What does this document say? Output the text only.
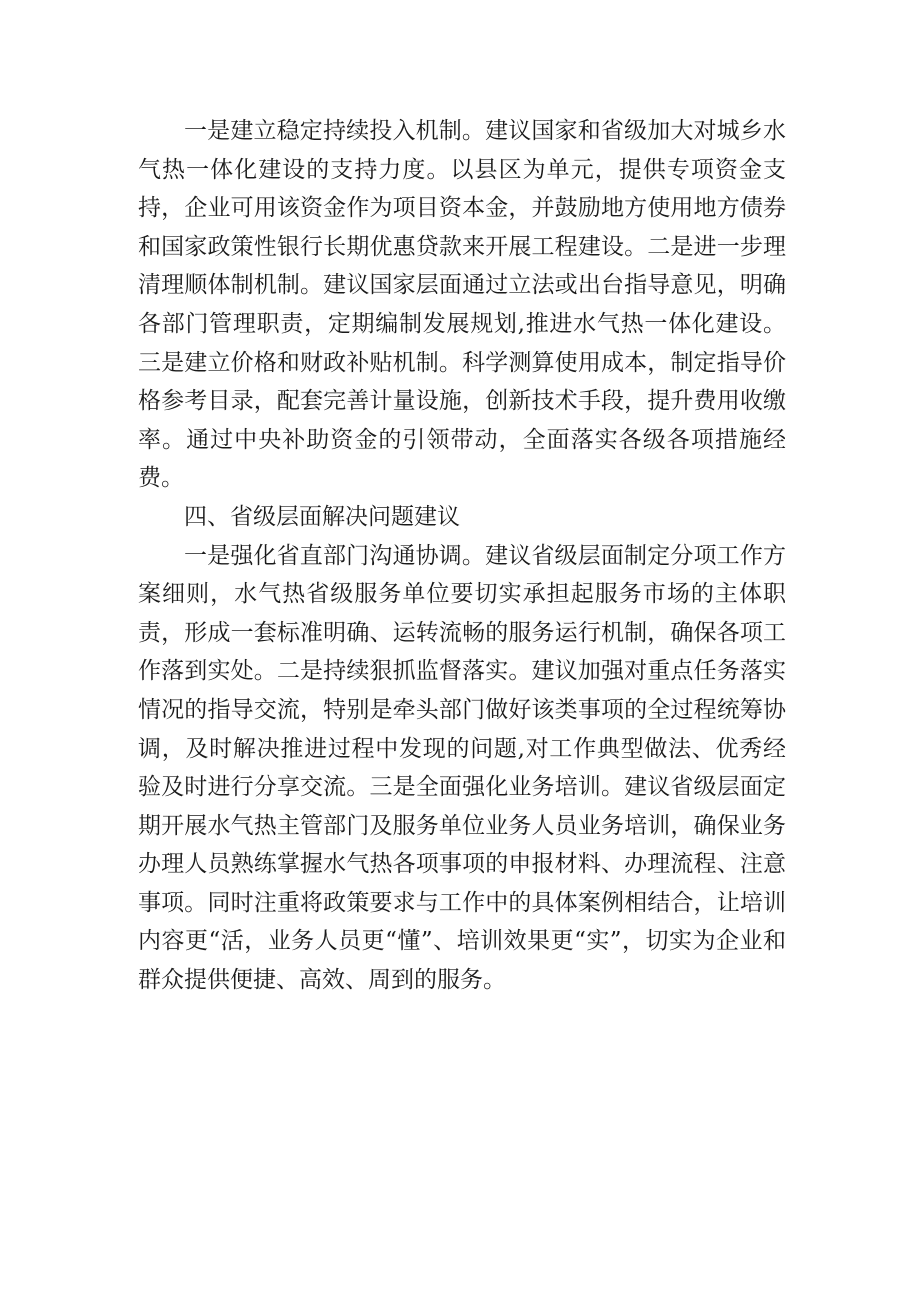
一是建立稳定持续投入机制。建议国家和省级加大对城乡水气热一体化建设的支持力度。以县区为单元，提供专项资金支持，企业可用该资金作为项目资本金，并鼓励地方使用地方债券和国家政策性银行长期优惠贷款来开展工程建设。二是进一步理清理顺体制机制。建议国家层面通过立法或出台指导意见，明确各部门管理职责，定期编制发展规划,推进水气热一体化建设。三是建立价格和财政补贴机制。科学测算使用成本，制定指导价格参考目录，配套完善计量设施，创新技术手段，提升费用收缴率。通过中央补助资金的引领带动，全面落实各级各项措施经费。

四、省级层面解决问题建议

一是强化省直部门沟通协调。建议省级层面制定分项工作方案细则，水气热省级服务单位要切实承担起服务市场的主体职责，形成一套标准明确、运转流畅的服务运行机制，确保各项工作落到实处。二是持续狠抓监督落实。建议加强对重点任务落实情况的指导交流，特别是牵头部门做好该类事项的全过程统筹协调，及时解决推进过程中发现的问题,对工作典型做法、优秀经验及时进行分享交流。三是全面强化业务培训。建议省级层面定期开展水气热主管部门及服务单位业务人员业务培训，确保业务办理人员熟练掌握水气热各项事项的申报材料、办理流程、注意事项。同时注重将政策要求与工作中的具体案例相结合，让培训内容更“活，业务人员更“懂”、培训效果更“实”，切实为企业和群众提供便捷、高效、周到的服务。
